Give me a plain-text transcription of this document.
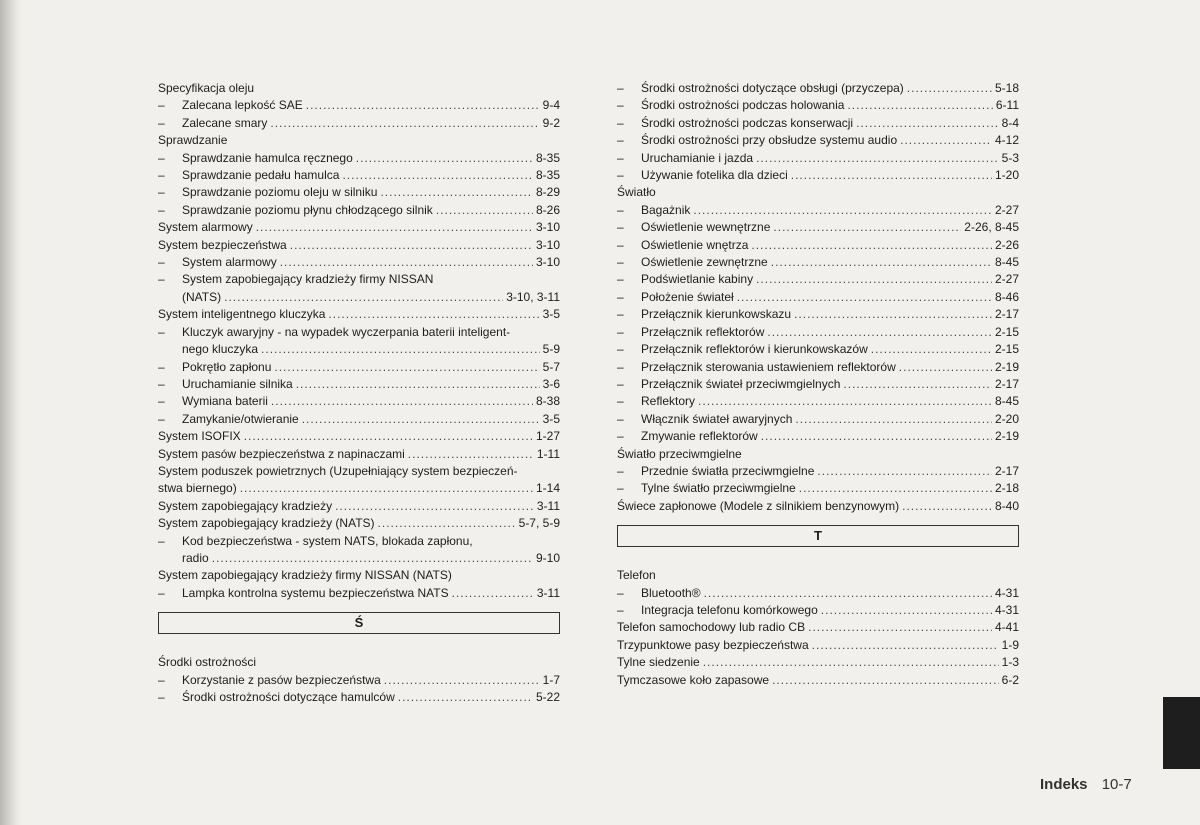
Specyfikacja oleju
– Zalecana lepkość SAE .....	9-4
– Zalecane smary .....	9-2
Sprawdzanie
– Sprawdzanie hamulca ręcznego .....	8-35
– Sprawdzanie pedału hamulca .....	8-35
– Sprawdzanie poziomu oleju w silniku .....	8-29
– Sprawdzanie poziomu płynu chłodzącego silnik .....	8-26
System alarmowy .....	3-10
System bezpieczeństwa .....	3-10
– System alarmowy .....	3-10
– System zapobiegający kradzieży firmy NISSAN
(NATS) .....	3-10, 3-11
System inteligentnego kluczyka .....	3-5
– Kluczyk awaryjny - na wypadek wyczerpania baterii inteligent-
nego kluczyka .....	5-9
– Pokrętło zapłonu .....	5-7
– Uruchamianie silnika .....	3-6
– Wymiana baterii .....	8-38
– Zamykanie/otwieranie .....	3-5
System ISOFIX .....	1-27
System pasów bezpieczeństwa z napinaczami .....	1-11
System poduszek powietrznych (Uzupełniający system bezpieczeń-
stwa biernego) .....	1-14
System zapobiegający kradzieży .....	3-11
System zapobiegający kradzieży (NATS) .....	5-7, 5-9
– Kod bezpieczeństwa - system NATS, blokada zapłonu,
radio .....	9-10
System zapobiegający kradzieży firmy NISSAN (NATS)
– Lampka kontrolna systemu bezpieczeństwa NATS .....	3-11
Ś
Środki ostrożności
– Korzystanie z pasów bezpieczeństwa .....	1-7
– Środki ostrożności dotyczące hamulców .....	5-22
– Środki ostrożności dotyczące obsługi (przyczepa) .....	5-18
– Środki ostrożności podczas holowania .....	6-11
– Środki ostrożności podczas konserwacji .....	8-4
– Środki ostrożności przy obsłudze systemu audio .....	4-12
– Uruchamianie i jazda .....	5-3
– Używanie fotelika dla dzieci .....	1-20
Światło
– Bagażnik .....	2-27
– Oświetlenie wewnętrzne .....	2-26, 8-45
– Oświetlenie wnętrza .....	2-26
– Oświetlenie zewnętrzne .....	8-45
– Podświetlanie kabiny .....	2-27
– Położenie świateł .....	8-46
– Przełącznik kierunkowskazu .....	2-17
– Przełącznik reflektorów .....	2-15
– Przełącznik reflektorów i kierunkowskazów .....	2-15
– Przełącznik sterowania ustawieniem reflektorów .....	2-19
– Przełącznik świateł przeciwmgielnych .....	2-17
– Reflektory .....	8-45
– Włącznik świateł awaryjnych .....	2-20
– Zmywanie reflektorów .....	2-19
Światło przeciwmgielne
– Przednie światła przeciwmgielne .....	2-17
– Tylne światło przeciwmgielne .....	2-18
Świece zapłonowe (Modele z silnikiem benzynowym) .....	8-40
T
Telefon
– Bluetooth® .....	4-31
– Integracja telefonu komórkowego .....	4-31
Telefon samochodowy lub radio CB .....	4-41
Trzypunktowe pasy bezpieczeństwa .....	1-9
Tylne siedzenie .....	1-3
Tymczasowe koło zapasowe .....	6-2
Indeks 10-7
